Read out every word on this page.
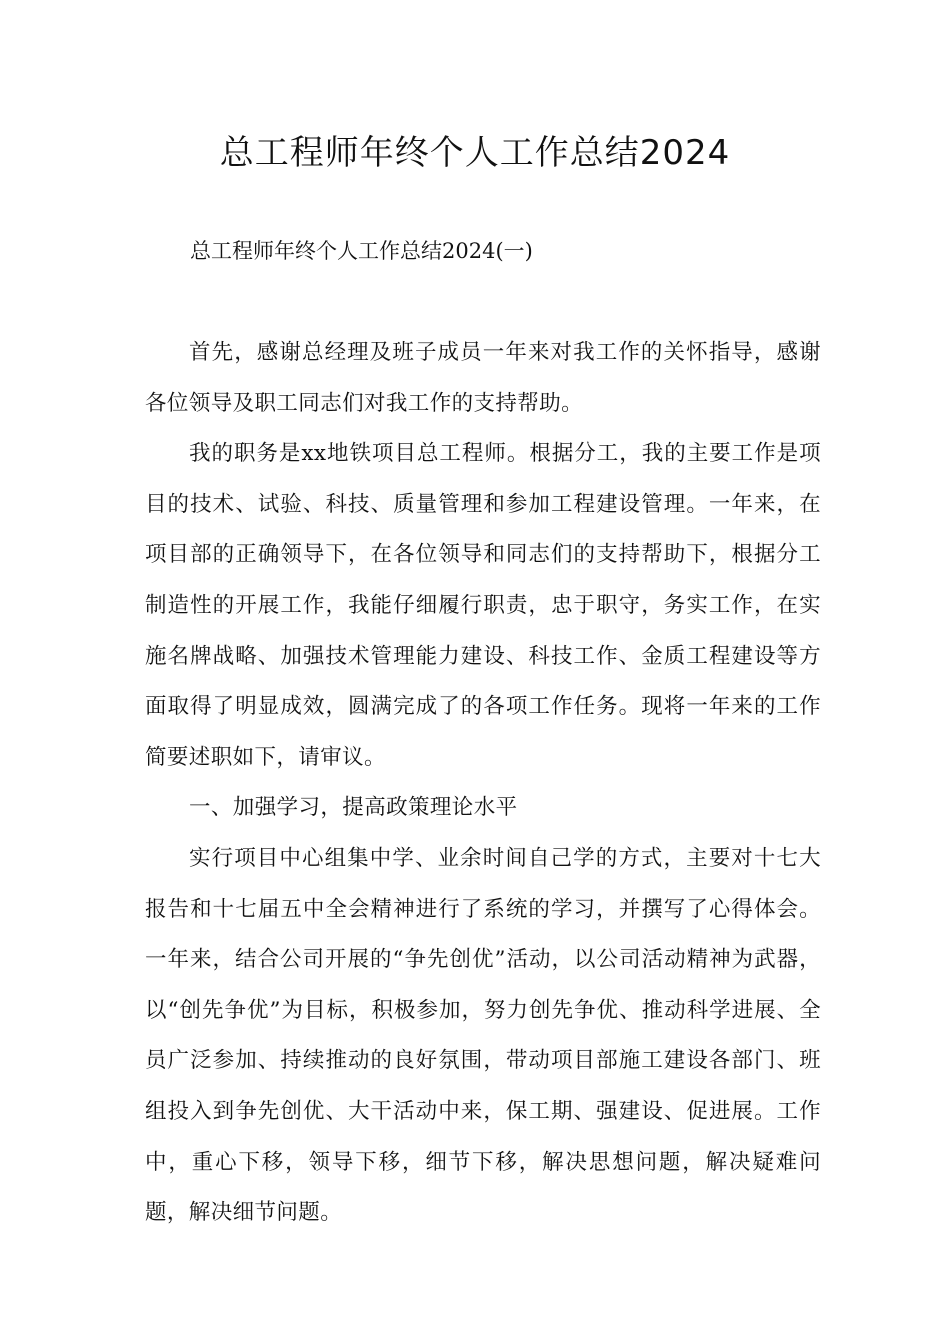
总工程师年终个人工作总结2024
总工程师年终个人工作总结2024(一)

首先，感谢总经理及班子成员一年来对我工作的关怀指导，感谢各位领导及职工同志们对我工作的支持帮助。

我的职务是xx地铁项目总工程师。根据分工，我的主要工作是项目的技术、试验、科技、质量管理和参加工程建设管理。一年来，在项目部的正确领导下，在各位领导和同志们的支持帮助下，根据分工制造性的开展工作，我能仔细履行职责，忠于职守，务实工作，在实施名牌战略、加强技术管理能力建设、科技工作、金质工程建设等方面取得了明显成效，圆满完成了的各项工作任务。现将一年来的工作简要述职如下，请审议。

一、加强学习，提高政策理论水平

实行项目中心组集中学、业余时间自己学的方式，主要对十七大报告和十七届五中全会精神进行了系统的学习，并撰写了心得体会。一年来，结合公司开展的“争先创优”活动，以公司活动精神为武器，以“创先争优”为目标，积极参加，努力创先争优、推动科学进展、全员广泛参加、持续推动的良好氛围，带动项目部施工建设各部门、班组投入到争先创优、大干活动中来，保工期、强建设、促进展。工作中，重心下移，领导下移，细节下移，解决思想问题，解决疑难问题，解决细节问题。
